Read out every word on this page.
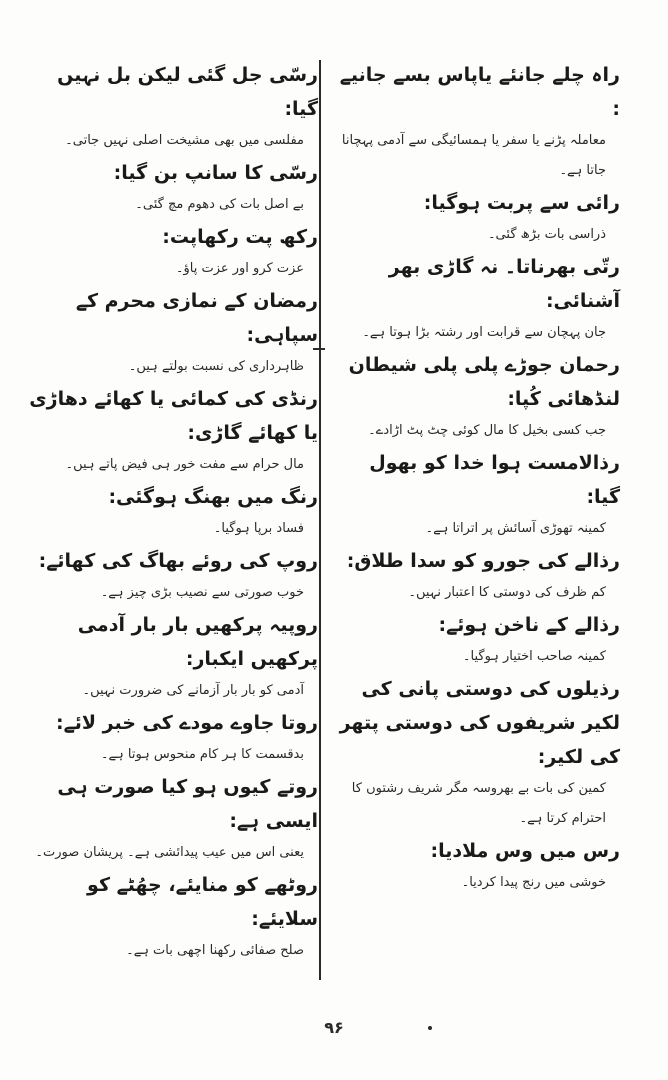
راہ چلے جانئے یاپاس بسے جانیے :

معاملہ پڑنے یا سفر یا ہمسائیگی سے آدمی پہچانا جاتا ہے۔

رائی سے پربت ہوگیا:

ذراسی بات بڑھ گئی۔

رتّی بھرناتا۔ نہ گاڑی بھر آشنائی:

جان پہچان سے قرابت اور رشتہ بڑا ہوتا ہے۔

رحمان جوڑے پلی پلی شیطان لنڈھائی کُپا:

جب کسی بخیل کا مال کوئی چٹ پٹ اڑادے۔

رذالامست ہوا خدا کو بھول گیا:

کمینہ تھوڑی آسائش پر اتراتا ہے۔

رذالے کی جورو کو سدا طلاق:

کم ظرف کی دوستی کا اعتبار نہیں۔

رذالے کے ناخن ہوئے:

کمینہ صاحب اختیار ہوگیا۔

رذیلوں کی دوستی پانی کی لکیر شریفوں کی دوستی پتھر کی لکیر:

کمین کی بات بے بھروسہ مگر شریف رشتوں کا احترام کرتا ہے۔

رس میں وس ملادیا:

خوشی میں رنج پیدا کردیا۔

رسّی جل گئی لیکن بل نہیں گیا:

مفلسی میں بھی مشیخت اصلی نہیں جاتی۔

رسّی کا سانپ بن گیا:

بے اصل بات کی دھوم مچ گئی۔

رکھ پت رکھاپت:

عزت کرو اور عزت پاؤ۔

رمضان کے نمازی محرم کے سپاہی:

ظاہرداری کی نسبت بولتے ہیں۔

رنڈی کی کمائی یا کھائے دھاڑی یا کھائے گاڑی:

مال حرام سے مفت خور ہی فیض پاتے ہیں۔

رنگ میں بھنگ ہوگئی:

فساد برپا ہوگیا۔

روپ کی روئے بھاگ کی کھائے:

خوب صورتی سے نصیب بڑی چیز ہے۔

روپیہ پرکھیں بار بار آدمی پرکھیں ایکبار:

آدمی کو بار بار آزمانے کی ضرورت نہیں۔

روتا جاوے مودے کی خبر لائے:

بدقسمت کا ہر کام منحوس ہوتا ہے۔

روتے کیوں ہو کیا صورت ہی ایسی ہے:

یعنی اس میں عیب پیدائشی ہے۔ پریشان صورت۔

روٹھے کو منایئے، چھُٹے کو سلایئے:

صلح صفائی رکھنا اچھی بات ہے۔

۹۶
